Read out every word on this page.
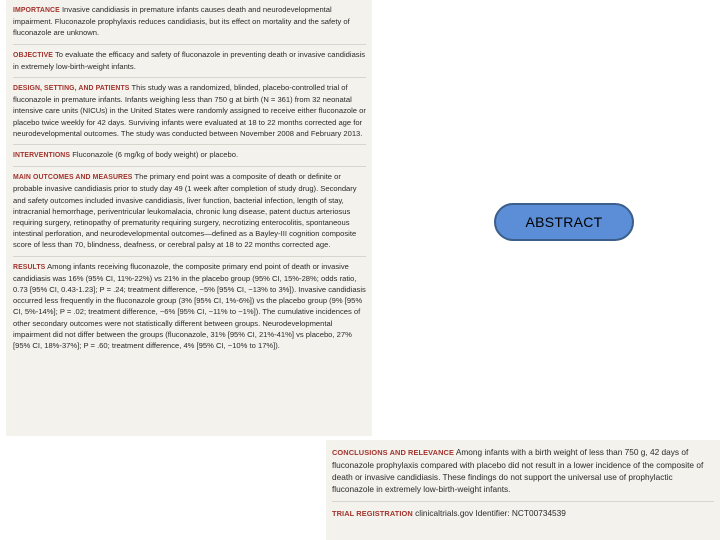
IMPORTANCE Invasive candidiasis in premature infants causes death and neurodevelopmental impairment. Fluconazole prophylaxis reduces candidiasis, but its effect on mortality and the safety of fluconazole are unknown.

OBJECTIVE To evaluate the efficacy and safety of fluconazole in preventing death or invasive candidiasis in extremely low-birth-weight infants.

DESIGN, SETTING, AND PATIENTS This study was a randomized, blinded, placebo-controlled trial of fluconazole in premature infants. Infants weighing less than 750 g at birth (N = 361) from 32 neonatal intensive care units (NICUs) in the United States were randomly assigned to receive either fluconazole or placebo twice weekly for 42 days. Surviving infants were evaluated at 18 to 22 months corrected age for neurodevelopmental outcomes. The study was conducted between November 2008 and February 2013.

INTERVENTIONS Fluconazole (6 mg/kg of body weight) or placebo.

MAIN OUTCOMES AND MEASURES The primary end point was a composite of death or definite or probable invasive candidiasis prior to study day 49 (1 week after completion of study drug). Secondary and safety outcomes included invasive candidiasis, liver function, bacterial infection, length of stay, intracranial hemorrhage, periventricular leukomalacia, chronic lung disease, patent ductus arteriosus requiring surgery, retinopathy of prematurity requiring surgery, necrotizing enterocolitis, spontaneous intestinal perforation, and neurodevelopmental outcomes—defined as a Bayley-III cognition composite score of less than 70, blindness, deafness, or cerebral palsy at 18 to 22 months corrected age.

RESULTS Among infants receiving fluconazole, the composite primary end point of death or invasive candidiasis was 16% (95% CI, 11%-22%) vs 21% in the placebo group (95% CI, 15%-28%; odds ratio, 0.73 [95% CI, 0.43-1.23]; P = .24; treatment difference, −5% [95% CI, −13% to 3%]). Invasive candidiasis occurred less frequently in the fluconazole group (3% [95% CI, 1%-6%]) vs the placebo group (9% [95% CI, 5%-14%]; P = .02; treatment difference, −6% [95% CI, −11% to −1%]). The cumulative incidences of other secondary outcomes were not statistically different between groups. Neurodevelopmental impairment did not differ between the groups (fluconazole, 31% [95% CI, 21%-41%] vs placebo, 27% [95% CI, 18%-37%]; P = .60; treatment difference, 4% [95% CI, −10% to 17%]).

ABSTRACT

CONCLUSIONS AND RELEVANCE Among infants with a birth weight of less than 750 g, 42 days of fluconazole prophylaxis compared with placebo did not result in a lower incidence of the composite of death or invasive candidiasis. These findings do not support the universal use of prophylactic fluconazole in extremely low-birth-weight infants.

TRIAL REGISTRATION clinicaltrials.gov Identifier: NCT00734539
